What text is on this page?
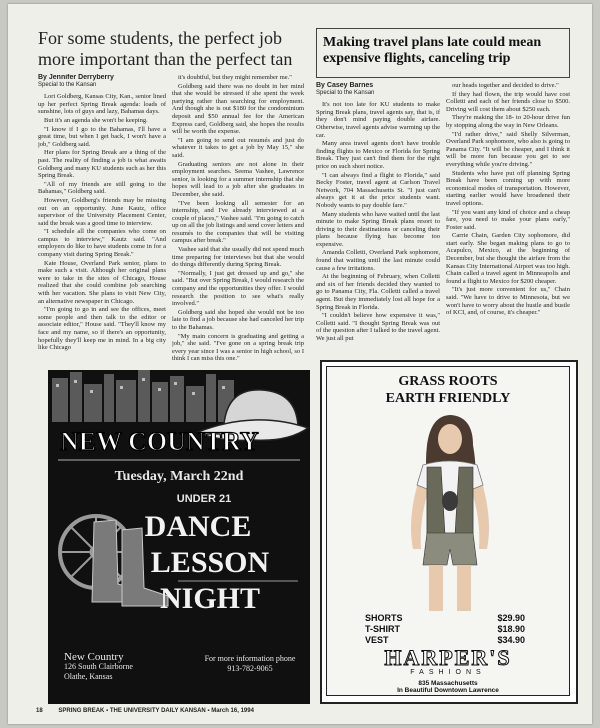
For some students, the perfect job more important than the perfect tan
By Jennifer Derryberry
Special to the Kansan

Lori Goldberg, Kansas City, Kan., senior lined up her perfect Spring Break agenda: loads of sunshine, lots of guys and lazy, Bahamas days.

But it's an agenda she won't be keeping.

"I know if I go to the Bahamas, I'll have a great time, but when I get back, I won't have a job," Goldberg said.

Her plans for Spring Break are a thing of the past. The reality of finding a job is what awaits Goldberg and many KU students such as her this Spring Break.

"All of my friends are still going to the Bahamas," Goldberg said.

However, Goldberg's friends may be missing out on an opportunity. June Kautz, office supervisor of the University Placement Center, said the break was a good time to interview.

"I schedule all the companies who come on campus to interview," Kautz said. "And employers do like to have students come in for a company visit during Spring Break."

Kate House, Overland Park senior, plans to make such a visit. Although her original plans were to take in the sites of Chicago, House realized that she could combine job searching with her vacation. She plans to visit New City, an alternative newspaper in Chicago.

"I'm going to go in and see the offices, meet some people and then talk to the editor or associate editor," House said. "They'll know my face and my name, so if there's an opportunity, hopefully they'll keep me in mind. In a big city like Chicago

it's doubtful, but they might remember me."

Goldberg said there was no doubt in her mind that she would be stressed if she spent the week partying rather than searching for employment. And though she is out $180 for the condominium deposit and $50 annual fee for the American Express card, Goldberg said, she hopes the results will be worth the expense.

"I am going to send out resumés and just do whatever it takes to get a job by May 15," she said.

Graduating seniors are not alone in their employment searches. Seema Vashee, Lawrence senior, is looking for a summer internship that she hopes will lead to a job after she graduates in December, she said.

"I've been looking all semester for an internship, and I've already interviewed at a couple of places," Vashee said. "I'm going to catch up on all the job listings and send cover letters and resumés to the companies that will be visiting campus after break."

Vashee said that she usually did not spend much time preparing for interviews but that she would do things differently during Spring Break.

"Normally, I just get dressed up and go," she said. "But over Spring Break, I would research the company and the opportunities they offer. I would research the position to see what's really involved."

Goldberg said she hoped she would not be too late to find a job because she had canceled her trip to the Bahamas.

"My main concern is graduating and getting a job," she said. "I've gone on a spring break trip every year since I was a senior in high school, so I think I can miss this one."

Making travel plans late could mean expensive flights, canceling trip
By Casey Barnes
Special to the Kansan

It's not too late for KU students to make Spring Break plans, travel agents say, that is, if they don't mind paying double airfare. Otherwise, travel agents advise warming up the car.

Many area travel agents don't have trouble finding flights to Mexico or Florida for Spring Break. They just can't find them for the right price on such short notice.

"I can always find a flight to Florida," said Becky Foster, travel agent at Carlson Travel Network, 704 Massachusetts St. "I just can't always get it at the price students want. Nobody wants to pay double fare."

Many students who have waited until the last minute to make Spring Break plans resort to driving to their destinations or canceling their plans because flying has become too expensive.

Amanda Colletti, Overland Park sophomore, found that waiting until the last minute could cause a few irritations.

At the beginning of February, when Colletti and six of her friends decided they wanted to go to Panama City, Fla. Colletti called a travel agent. But they immediately lost all hope for a Spring Break in Florida.

"I couldn't believe how expensive it was," Colletti said. "I thought Spring Break was out of the question after I talked to the travel agent. We just all put

our heads together and decided to drive."

If they had flown, the trip would have cost Colletti and each of her friends close to $500. Driving will cost them about $250 each.

They're making the 18- to 20-hour drive fun by stopping along the way in New Orleans.

"I'd rather drive," said Shelly Silverman, Overland Park sophomore, who also is going to Panama City. "It will be cheaper, and I think it will be more fun because you get to see everything while you're driving."

Students who have put off planning Spring Break have been coming up with more economical modes of transportation. However, starting earlier would have broadened their travel options.

"If you want any kind of choice and a cheap fare, you need to make your plans early," Foster said.

Carrie Chain, Garden City sophomore, did start early. She began making plans to go to Acapulco, Mexico, at the beginning of December, but she thought the airfare from the Kansas City International Airport was too high. Chain called a travel agent in Minneapolis and found a flight to Mexico for $200 cheaper.

"It's just more convenient for us," Chain said. "We have to drive to Minnesota, but we won't have to worry about the hustle and bustle of KCI, and, of course, it's cheaper."

NEW COUNTRY
Tuesday, March 22nd
UNDER 21
DANCE
LESSON
NIGHT
New Country
126 South Clairborne
Olathe, Kansas
For more information phone
913-782-9065
GRASS ROOTS
EARTH FRIENDLY
SHORTS	$29.90
T-SHIRT	$18.90
VEST	$34.90
HARPER'S
FASHIONS
835 Massachusetts
In Beautiful Downtown Lawrence
18	SPRING BREAK ▪ THE UNIVERSITY DAILY KANSAN ▪ March 16, 1994
